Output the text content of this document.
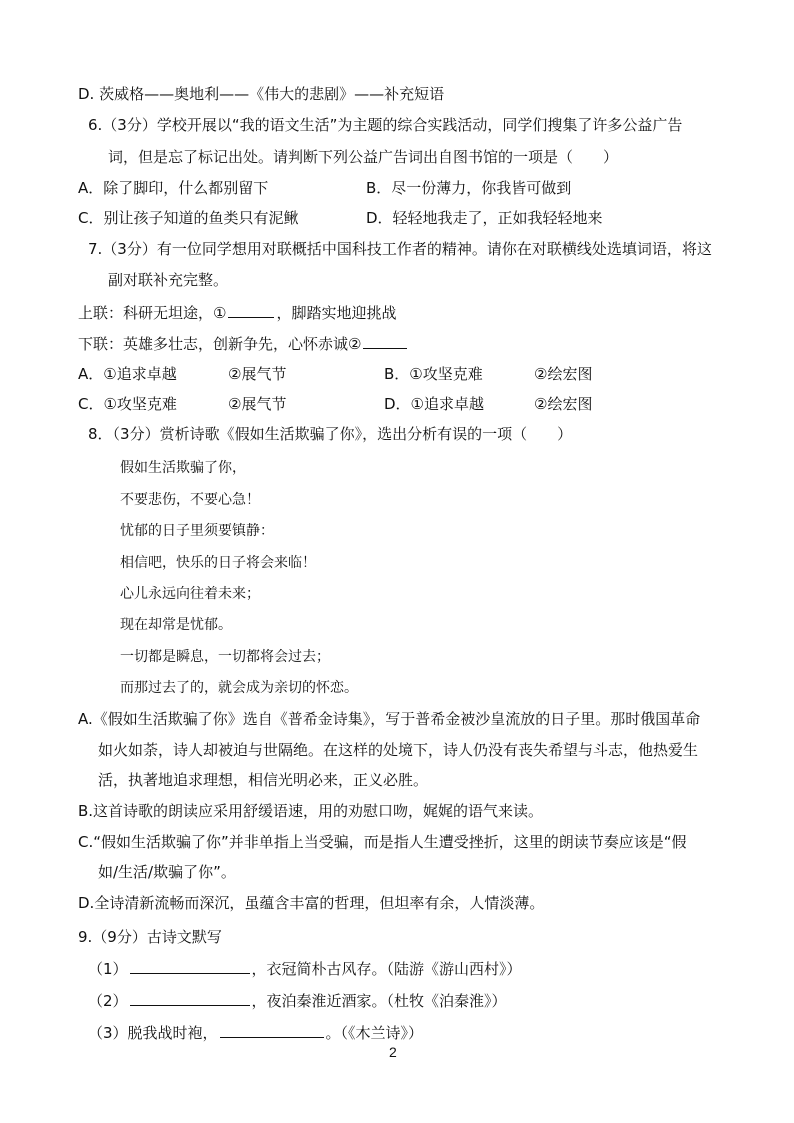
D. 茨威格——奥地利——《伟大的悲剧》——补充短语
6.（3分）学校开展以“我的语文生活”为主题的综合实践活动，同学们搜集了许多公益广告
词，但是忘了标记出处。请判断下列公益广告词出自图书馆的一项是（　　）
A．除了脚印，什么都别留下	B．尽一份薄力，你我皆可做到
C．别让孩子知道的鱼类只有泥鳅	D．轻轻地我走了，正如我轻轻地来
7.（3分）有一位同学想用对联概括中国科技工作者的精神。请你在对联横线处选填词语，将这
副对联补充完整。
上联：科研无坦途，①	，脚踏实地迎挑战
下联：英雄多壮志，创新争先，心怀赤诚②
A．①追求卓越	②展气节	B．①攻坚克难	②绘宏图
C．①攻坚克难	②展气节	D．①追求卓越	②绘宏图
8．（3分）赏析诗歌《假如生活欺骗了你》，选出分析有误的一项（　　）
假如生活欺骗了你，
不要悲伤，不要心急！
忧郁的日子里须要镇静：
相信吧，快乐的日子将会来临！
心儿永远向往着未来；
现在却常是忧郁。
一切都是瞬息，一切都将会过去；
而那过去了的，就会成为亲切的怀恋。
A.《假如生活欺骗了你》选自《普希金诗集》，写于普希金被沙皇流放的日子里。那时俄国革命
如火如荼，诗人却被迫与世隔绝。在这样的处境下，诗人仍没有丧失希望与斗志，他热爱生
活，执著地追求理想，相信光明必来，正义必胜。
B.这首诗歌的朗读应采用舒缓语速，用的劝慰口吻，娓娓的语气来读。
C.“假如生活欺骗了你”并非单指上当受骗，而是指人生遭受挫折，这里的朗读节奏应该是“假
如/生活/欺骗了你”。
D.全诗清新流畅而深沉，虽蕴含丰富的哲理，但坦率有余，人情淡薄。
9.（9分）古诗文默写
（1）	，衣冠简朴古风存。（陆游《游山西村》）
（2）	，夜泊秦淮近酒家。（杜牧《泊秦淮》）
（3）脱我战时袍，	。（《木兰诗》）
2
